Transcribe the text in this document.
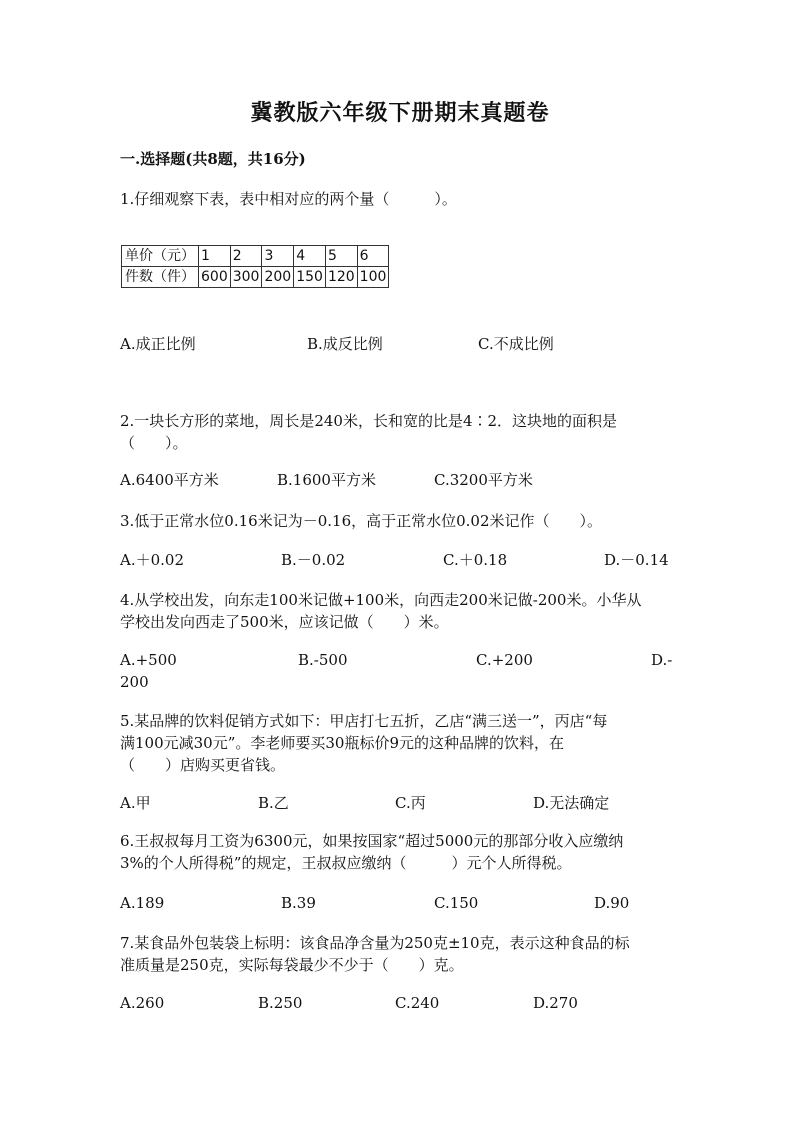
冀教版六年级下册期末真题卷
一.选择题(共8题，共16分)
1.仔细观察下表，表中相对应的两个量（　　　）。
单价（元）	1	2	3	4	5	6
件数（件）	600	300	200	150	120	100
A.成正比例	B.成反比例	C.不成比例
2.一块长方形的菜地，周长是240米，长和宽的比是4∶2．这块地的面积是
（　　）。
A.6400平方米	B.1600平方米	C.3200平方米
3.低于正常水位0.16米记为－0.16，高于正常水位0.02米记作（　　）。
A.＋0.02	B.－0.02	C.＋0.18	D.－0.14
4.从学校出发，向东走100米记做+100米，向西走200米记做-200米。小华从
学校出发向西走了500米，应该记做（　　）米。
A.+500	B.-500	C.+200	D.-
200
5.某品牌的饮料促销方式如下：甲店打七五折，乙店“满三送一”，丙店“每
满100元减30元”。李老师要买30瓶标价9元的这种品牌的饮料，在
（　　）店购买更省钱。
A.甲	B.乙	C.丙	D.无法确定
6.王叔叔每月工资为6300元，如果按国家“超过5000元的那部分收入应缴纳
3%的个人所得税”的规定，王叔叔应缴纳（　　　）元个人所得税。
A.189	B.39	C.150	D.90
7.某食品外包装袋上标明：该食品净含量为250克±10克，表示这种食品的标
准质量是250克，实际每袋最少不少于（　　）克。
A.260	B.250	C.240	D.270
